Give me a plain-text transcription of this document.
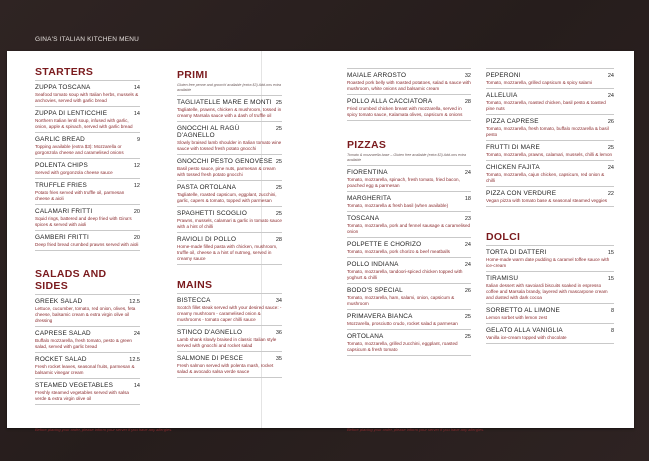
GINA'S ITALIAN KITCHEN MENU
STARTERS
ZUPPA TOSCANA	14
Seafood tomato soup with Italian herbs, mussels & anchovies, served with garlic bread
ZUPPA DI LENTICCHIE	14
Northern Italian lentil soup, infused with garlic, onion, apple & spinach, served with garlic bread
GARLIC BREAD	9
Topping available (extra $3): Mozzarella or gorgonzola cheese and caramelised onions
POLENTA CHIPS	12
Served with gorgonzola cheese sauce
TRUFFLE FRIES	12
Potato fries served with truffle oil, parmesan cheese & aioli
CALAMARI FRITTI	20
Squid rings, battered and deep fried with Gina's spices & served with aioli
GAMBERI FRITTI	20
Deep fried bread crumbed prawns served with aioli
SALADS AND SIDES
GREEK SALAD	12.5
Lettuce, cucumber, tomato, red onion, olives, feta cheese, balsamic cream & extra virgin olive oil dressing
CAPRESE SALAD	24
Buffalo mozzarella, fresh tomato, pesto & green salad, served with garlic bread
ROCKET SALAD	12.5
Fresh rocket leaves, seasonal fruits, parmesan & balsamic vinegar cream
STEAMED VEGETABLES	14
Freshly steamed vegetables served with salsa verde & extra virgin olive oil
PRIMI
Gluten free penne and gnocchi available (extra $3) Add-ons extra available
TAGLIATELLE MARE E MONTI 25
Tagliatelle, prawns, chicken & mushroom, tossed in creamy Marsala sauce with a dash of truffle oil
GNOCCHI AL RAGÙ D'AGNELLO
25
Slowly braised lamb shoulder in Italian tomato wine sauce with tossed fresh potato gnocchi
GNOCCHI PESTO GENOVESE 25
Basil pesto sauce, pine nuts, parmesan & cream with tossed fresh potato gnocchi
PASTA ORTOLANA	25
Tagliatelle, roasted capsicum, eggplant, zucchini, garlic, capers & tomato, topped with parmesan
SPAGHETTI SCOGLIO	25
Prawns, mussels, calamari & garlic in tomato sauce with a hint of chilli
RAVIOLI DI POLLO	28
Home-made filled pasta with chicken, mushroom, truffle oil, cheese & a hint of nutmeg, served in creamy sauce
MAINS
BISTECCA	34
Scotch fillet steak served with your desired sauce: - creamy mushroom - caramelised onion & mushrooms - tomato caper chilli sauce
STINCO D'AGNELLO	36
Lamb shank slowly braised in classic Italian style served with gnocchi and rocket salad
SALMONE DI PESCE	35
Fresh salmon served with polenta mash, rocket salad & avocado salsa verde sauce
MAIALE ARROSTO	32
Roasted pork belly with roasted potatoes, salad & sauce with mushroom, white onions and balsamic cream
POLLO ALLA CACCIATORA	28
Fried crumbed chicken breast with mozzarella, served in spicy tomato sauce, Kalamata olives, capsicum & onions
PIZZAS
Tomato & mozzarella base – Gluten free available (extra $3) Add-ons extra available
FIORENTINA	24
Tomato, mozzarella, spinach, fresh tomato, fried bacon, poached egg & parmesan
MARGHERITA	18
Tomato, mozzarella & fresh basil (when available)
TOSCANA	23
Tomato, mozzarella, pork and fennel sausage & caramelised onion
POLPETTE E CHORIZO	24
Tomato, mozzarella, pork chorizo & beef meatballs
POLLO INDIANA	24
Tomato, mozzarella, tandoori-spiced chicken topped with yoghurt & chilli
BODO'S SPECIAL	26
Tomato, mozzarella, ham, salami, onion, capsicum & mushroom
PRIMAVERA BIANCA	25
Mozzarella, prosciutto crudo, rocket salad & parmesan
ORTOLANA	25
Tomato, mozzarella, grilled zucchini, eggplant, roasted capsicum & fresh tomato
PEPERONI	24
Tomato, mozzarella, grilled capsicum & spicy salami
ALLELUIA	24
Tomato, mozzarella, roasted chicken, basil pesto & toasted pine nuts
PIZZA CAPRESE	26
Tomato, mozzarella, fresh tomato, buffalo mozzarella & basil pesto
FRUTTI DI MARE	25
Tomato, mozzarella, prawns, calamari, mussels, chilli & lemon
CHICKEN FAJITA	24
Tomato, mozzarella, cajun chicken, capsicum, red onion & chilli
PIZZA CON VERDURE	22
Vegan pizza with tomato base & seasonal steamed veggies
DOLCI
TORTA DI DATTERI	15
Home-made warm date pudding & caramel toffee sauce with ice-cream
TIRAMISU	15
Italian dessert with savoiardi biscuits soaked in espresso coffee and Marsala brandy, layered with mascarpone cream and dusted with dark cocoa
SORBETTO AL LIMONE	8
Lemon sorbet with lemon zest
GELATO ALLA VANIGLIA	8
Vanilla ice-cream topped with chocolate
Before placing your order, please inform your server if you have any allergies.	Before placing your order, please inform your server if you have any allergies.
